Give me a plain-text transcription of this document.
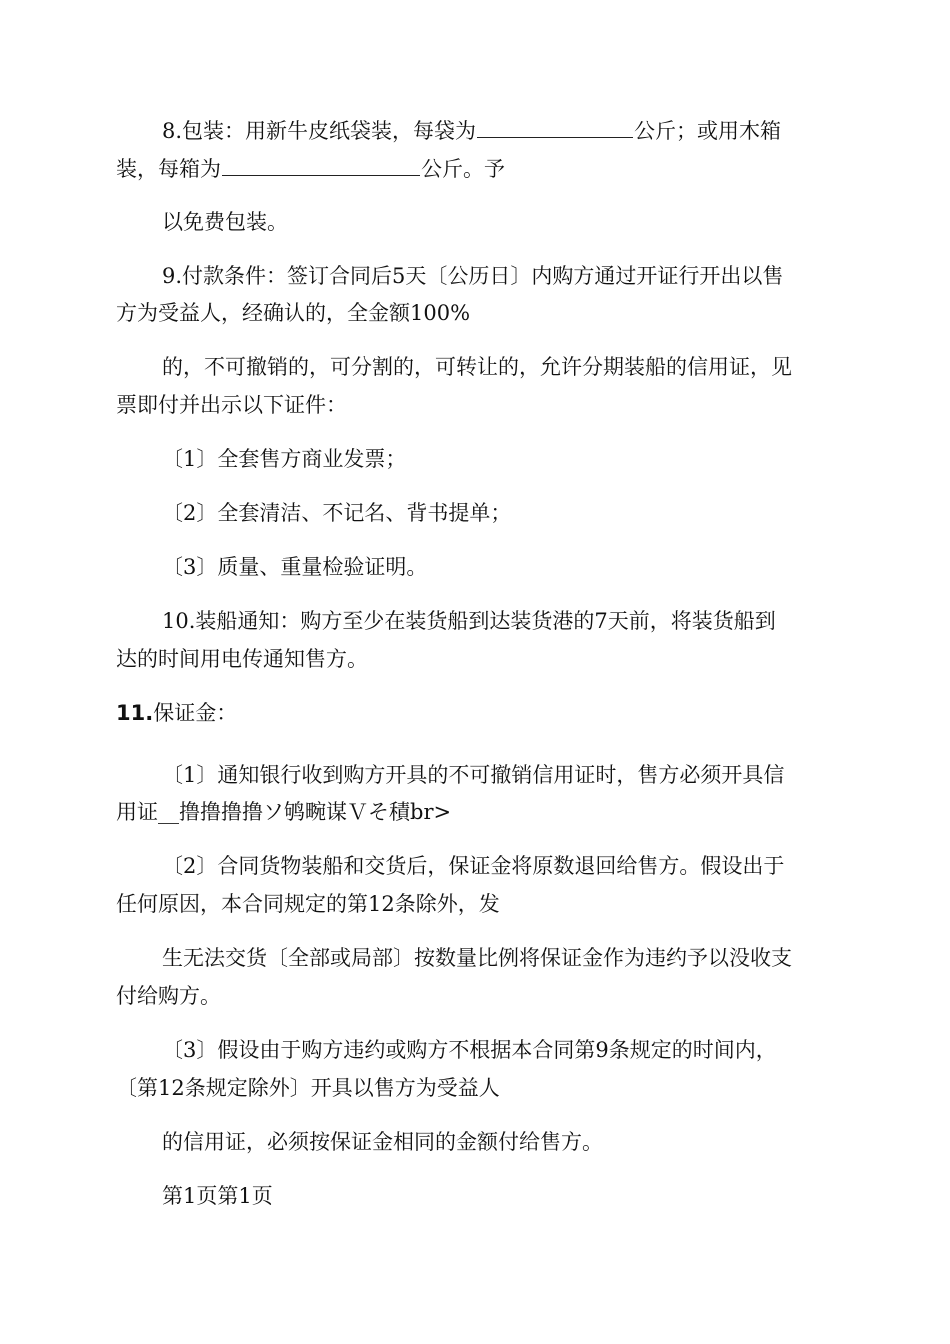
8.包装：用新牛皮纸袋装，每袋为	公斤；或用木箱
装，每箱为	公斤。予
以免费包装。
9.付款条件：签订合同后5天〔公历日〕内购方通过开证行开出以售
方为受益人，经确认的，全金额100%
的，不可撤销的，可分割的，可转让的，允许分期装船的信用证，见
票即付并出示以下证件：
〔1〕全套售方商业发票；
〔2〕全套清洁、不记名、背书提单；
〔3〕质量、重量检验证明。
10.装船通知：购方至少在装货船到达装货港的7天前，将装货船到
达的时间用电传通知售方。
11.保证金：
〔1〕通知银行收到购方开具的不可撤销信用证时，售方必须开具信
用证__撸撸撸撸ソ鸲畹谋Ｖそ積br>
〔2〕合同货物装船和交货后，保证金将原数退回给售方。假设出于
任何原因，本合同规定的第12条除外，发
生无法交货〔全部或局部〕按数量比例将保证金作为违约予以没收支
付给购方。
〔3〕假设由于购方违约或购方不根据本合同第9条规定的时间内，
〔第12条规定除外〕开具以售方为受益人
的信用证，必须按保证金相同的金额付给售方。
第1页第1页
